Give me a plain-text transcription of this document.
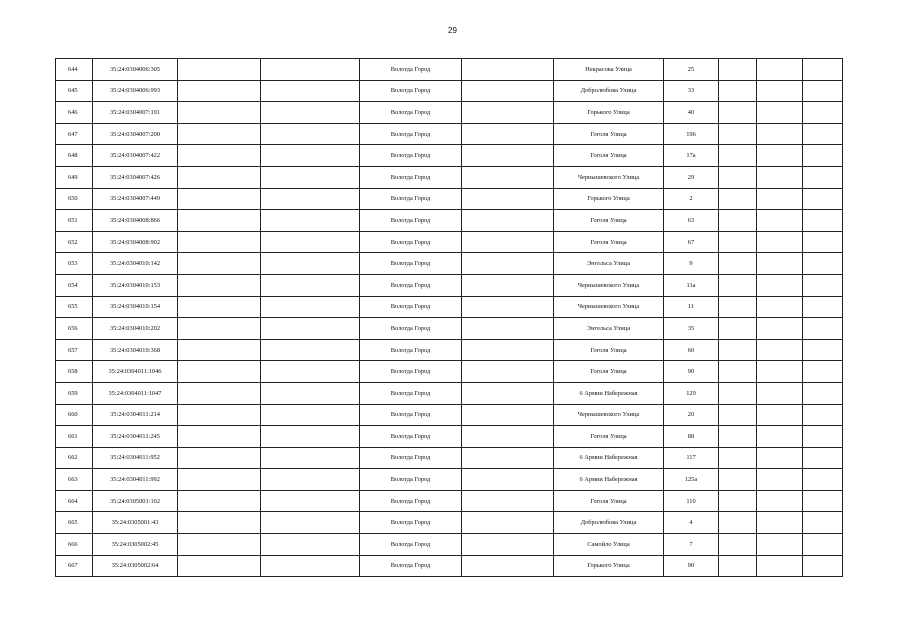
29
644	35:24:0304006:305			Вологда Город		Некрасова Улица	25			
645	35:24:0304006:993			Вологда Город		Добролюбова Улица	33			
646	35:24:0304007:191			Вологда Город		Горького Улица	40			
647	35:24:0304007:200			Вологда Город		Гоголя Улица	196			
648	35:24:0304007:422			Вологда Город		Гоголя Улица	17а			
649	35:24:0304007:426			Вологда Город		Чернышевского Улица	29			
650	35:24:0304007:449			Вологда Город		Горького Улица	2			
651	35:24:0304008:866			Вологда Город		Гоголя Улица	63			
652	35:24:0304008:902			Вологда Город		Гоголя Улица	67			
653	35:24:0304010:142			Вологда Город		Энгельса Улица	9			
654	35:24:0304010:153			Вологда Город		Чернышевского Улица	11а			
655	35:24:0304010:154			Вологда Город		Чернышевского Улица	11			
656	35:24:0304010:202			Вологда Город		Энгельса Улица	35			
657	35:24:0304010:368			Вологда Город		Гоголя Улица	60			
658	35:24:0304011:1046			Вологда Город		Гоголя Улица	90			
659	35:24:0304011:1047			Вологда Город		6 Армии Набережная	129			
660	35:24:0304011:214			Вологда Город		Чернышевского Улица	20			
661	35:24:0304011:245			Вологда Город		Гоголя Улица	88			
662	35:24:0304011:952			Вологда Город		6 Армии Набережная	117			
663	35:24:0304011:992			Вологда Город		6 Армии Набережная	125а			
664	35:24:0305001:102			Вологда Город		Гоголя Улица	110			
665	35:24:0305001:43			Вологда Город		Добролюбова Улица	4			
666	35:24:0305002:45			Вологда Город		Самойло Улица	7			
667	35:24:0305002:64			Вологда Город		Горького Улица	90			
